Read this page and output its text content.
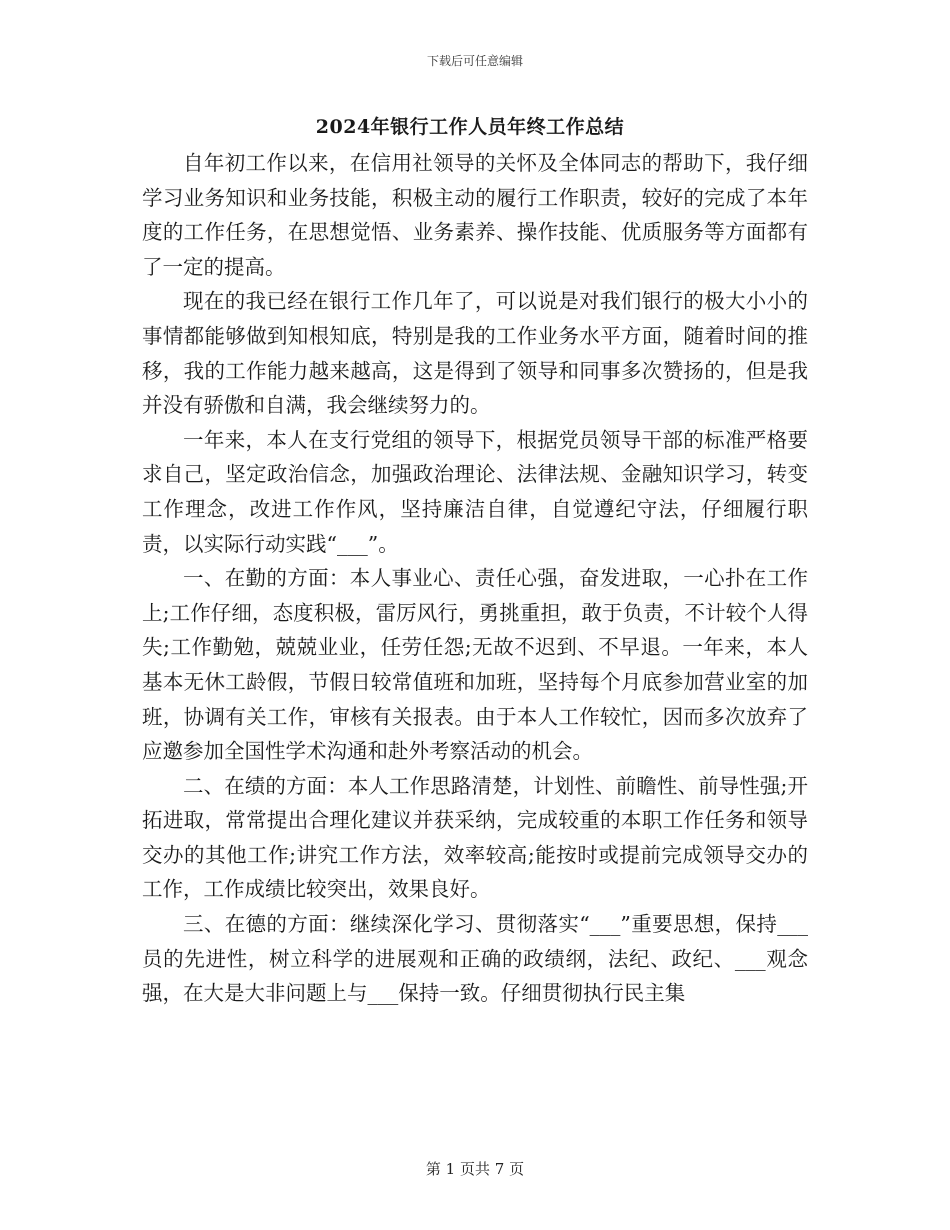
下载后可任意编辑
2024年银行工作人员年终工作总结

自年初工作以来，在信用社领导的关怀及全体同志的帮助下，我仔细学习业务知识和业务技能，积极主动的履行工作职责，较好的完成了本年度的工作任务，在思想觉悟、业务素养、操作技能、优质服务等方面都有了一定的提高。

现在的我已经在银行工作几年了，可以说是对我们银行的极大小小的事情都能够做到知根知底，特别是我的工作业务水平方面，随着时间的推移，我的工作能力越来越高，这是得到了领导和同事多次赞扬的，但是我并没有骄傲和自满，我会继续努力的。

一年来，本人在支行党组的领导下，根据党员领导干部的标准严格要求自己，坚定政治信念，加强政治理论、法律法规、金融知识学习，转变工作理念，改进工作作风，坚持廉洁自律，自觉遵纪守法，仔细履行职责，以实际行动实践“___”。

一、在勤的方面：本人事业心、责任心强，奋发进取，一心扑在工作上;工作仔细，态度积极，雷厉风行，勇挑重担，敢于负责，不计较个人得失;工作勤勉，兢兢业业，任劳任怨;无故不迟到、不早退。一年来，本人基本无休工龄假，节假日较常值班和加班，坚持每个月底参加营业室的加班，协调有关工作，审核有关报表。由于本人工作较忙，因而多次放弃了应邀参加全国性学术沟通和赴外考察活动的机会。

二、在绩的方面：本人工作思路清楚，计划性、前瞻性、前导性强;开拓进取，常常提出合理化建议并获采纳，完成较重的本职工作任务和领导交办的其他工作;讲究工作方法，效率较高;能按时或提前完成领导交办的工作，工作成绩比较突出，效果良好。

三、在德的方面：继续深化学习、贯彻落实“___”重要思想，保持___员的先进性，树立科学的进展观和正确的政绩纲，法纪、政纪、___观念强，在大是大非问题上与___保持一致。仔细贯彻执行民主集

第 1 页共 7 页
